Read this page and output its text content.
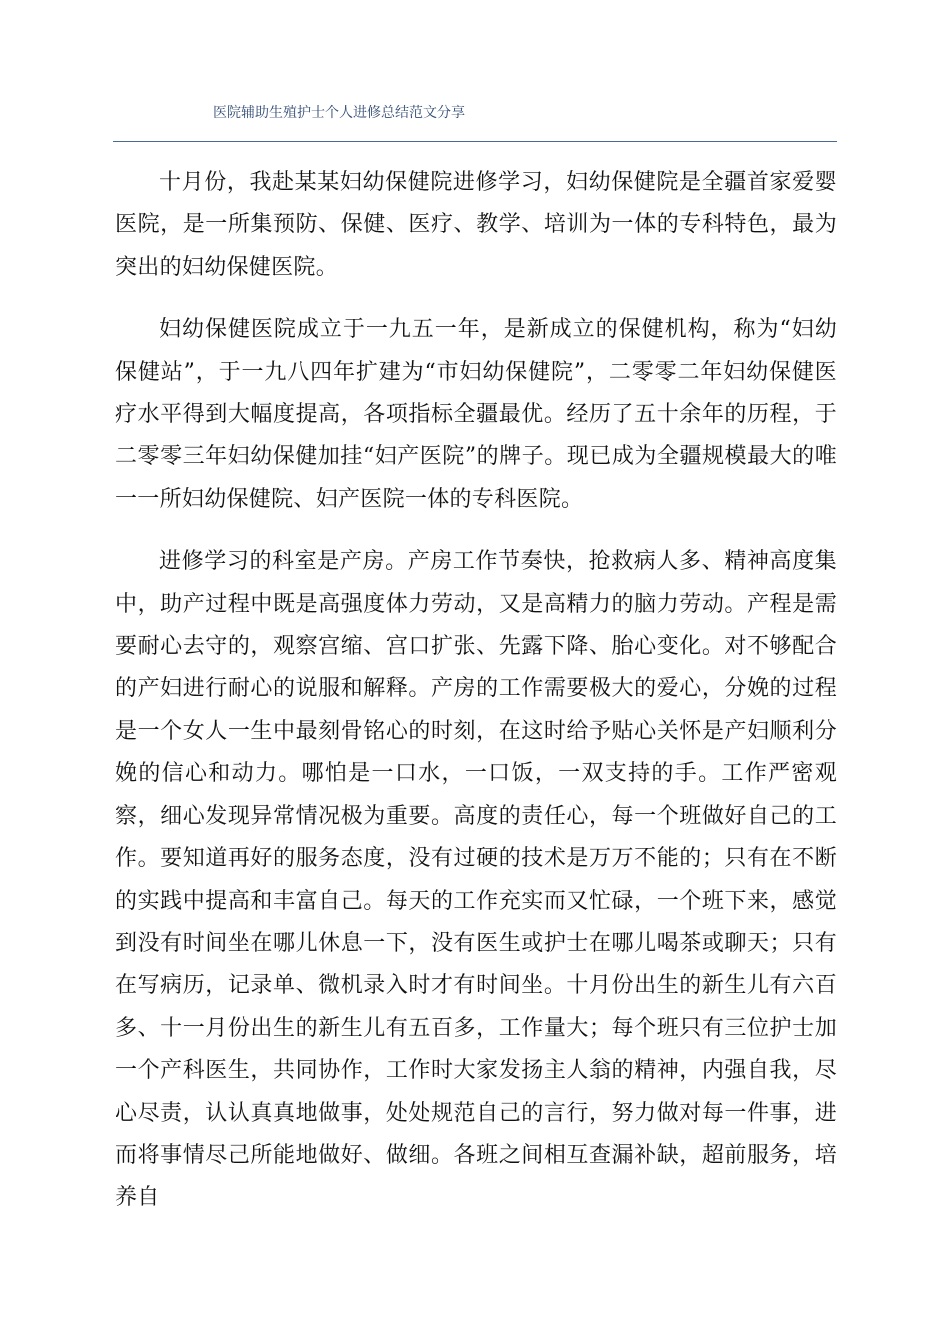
医院辅助生殖护士个人进修总结范文分享

十月份，我赴某某妇幼保健院进修学习，妇幼保健院是全疆首家爱婴医院，是一所集预防、保健、医疗、教学、培训为一体的专科特色，最为突出的妇幼保健医院。

妇幼保健医院成立于一九五一年，是新成立的保健机构，称为“妇幼保健站”，于一九八四年扩建为“市妇幼保健院”，二零零二年妇幼保健医疗水平得到大幅度提高，各项指标全疆最优。经历了五十余年的历程，于二零零三年妇幼保健加挂“妇产医院”的牌子。现已成为全疆规模最大的唯一一所妇幼保健院、妇产医院一体的专科医院。

进修学习的科室是产房。产房工作节奏快，抢救病人多、精神高度集中，助产过程中既是高强度体力劳动，又是高精力的脑力劳动。产程是需要耐心去守的，观察宫缩、宫口扩张、先露下降、胎心变化。对不够配合的产妇进行耐心的说服和解释。产房的工作需要极大的爱心，分娩的过程是一个女人一生中最刻骨铭心的时刻，在这时给予贴心关怀是产妇顺利分娩的信心和动力。哪怕是一口水，一口饭，一双支持的手。工作严密观察，细心发现异常情况极为重要。高度的责任心，每一个班做好自己的工作。要知道再好的服务态度，没有过硬的技术是万万不能的；只有在不断的实践中提高和丰富自己。每天的工作充实而又忙碌，一个班下来，感觉到没有时间坐在哪儿休息一下，没有医生或护士在哪儿喝茶或聊天；只有在写病历，记录单、微机录入时才有时间坐。十月份出生的新生儿有六百多、十一月份出生的新生儿有五百多，工作量大；每个班只有三位护士加一个产科医生，共同协作，工作时大家发扬主人翁的精神，内强自我，尽心尽责，认认真真地做事，处处规范自己的言行，努力做对每一件事，进而将事情尽己所能地做好、做细。各班之间相互查漏补缺，超前服务，培养自
